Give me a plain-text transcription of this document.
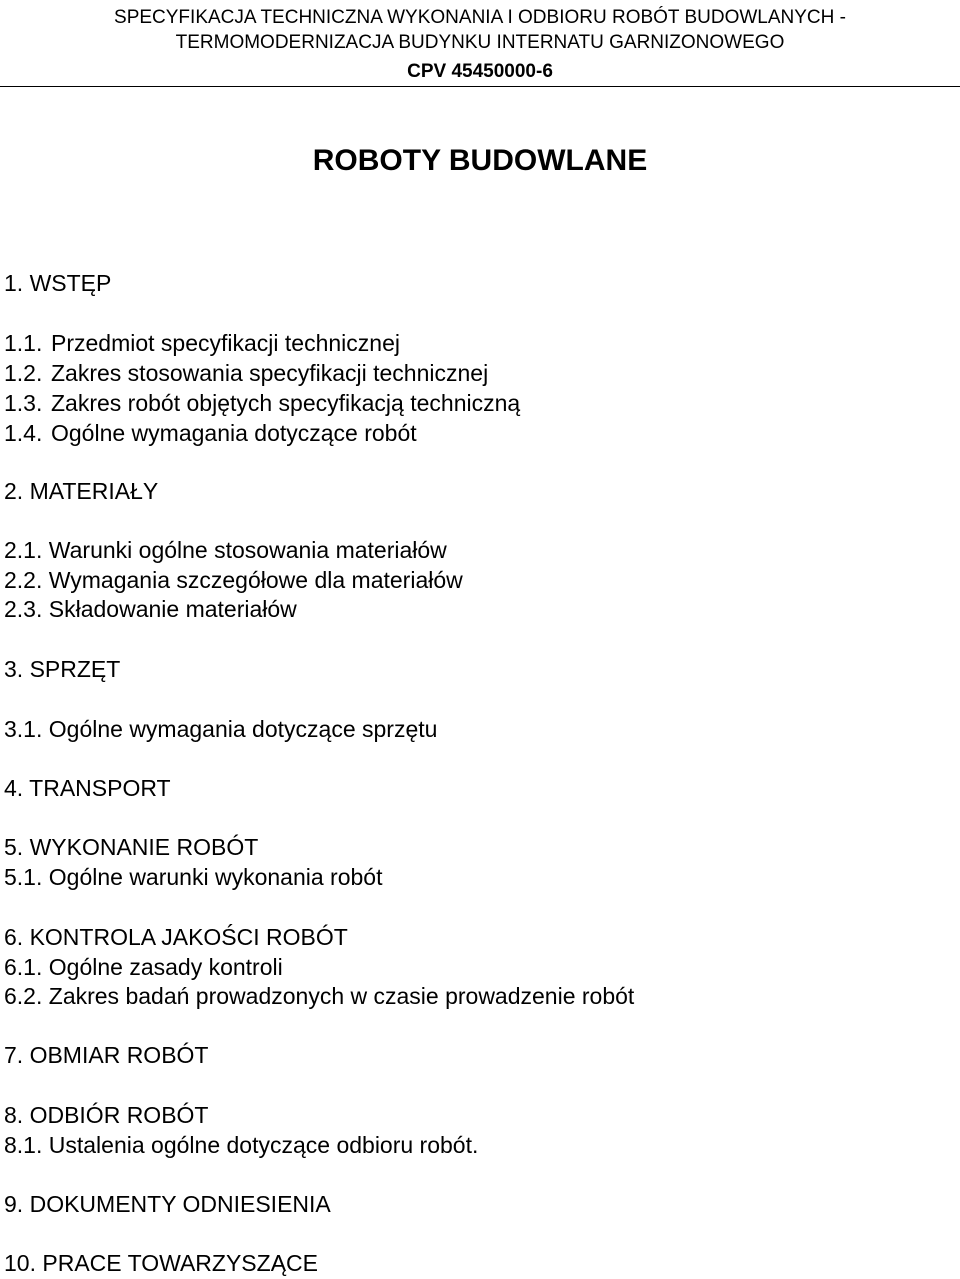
SPECYFIKACJA TECHNICZNA WYKONANIA I ODBIORU ROBÓT BUDOWLANYCH -
TERMOMODERNIZACJA BUDYNKU INTERNATU GARNIZONOWEGO
CPV 45450000-6
ROBOTY BUDOWLANE
1. WSTĘP
1.1. Przedmiot specyfikacji technicznej
1.2. Zakres stosowania specyfikacji technicznej
1.3. Zakres robót objętych specyfikacją techniczną
1.4. Ogólne wymagania dotyczące robót
2. MATERIAŁY
2.1. Warunki ogólne stosowania materiałów
2.2. Wymagania szczegółowe dla materiałów
2.3. Składowanie materiałów
3. SPRZĘT
3.1. Ogólne wymagania dotyczące sprzętu
4. TRANSPORT
5. WYKONANIE ROBÓT
5.1. Ogólne warunki wykonania robót
6. KONTROLA JAKOŚCI ROBÓT
6.1. Ogólne zasady kontroli
6.2. Zakres badań prowadzonych w czasie prowadzenie robót
7. OBMIAR ROBÓT
8. ODBIÓR ROBÓT
8.1. Ustalenia ogólne dotyczące odbioru robót.
9. DOKUMENTY ODNIESIENIA
10. PRACE TOWARZYSZĄCE
